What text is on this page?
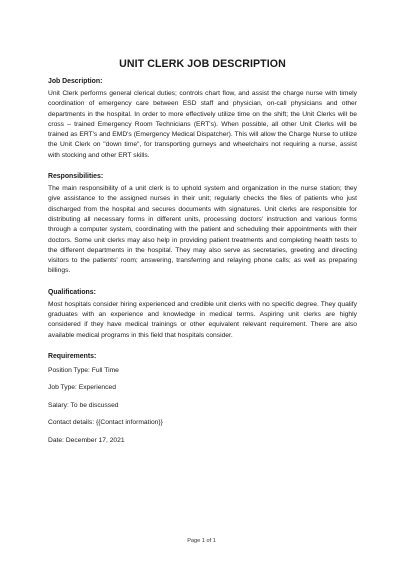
UNIT CLERK JOB DESCRIPTION

Job Description:

Unit Clerk performs general clerical duties; controls chart flow, and assist the charge nurse with timely coordination of emergency care between ESD staff and physician, on-call physicians and other departments in the hospital. In order to more effectively utilize time on the shift; the Unit Clerks will be cross – trained Emergency Room Technicians (ERT's). When possible, all other Unit Clerks will be trained as ERT's and EMD's (Emergency Medical Dispatcher). This will allow the Charge Nurse to utilize the Unit Clerk on "down time", for transporting gurneys and wheelchairs not requiring a nurse, assist with stocking and other ERT skills.

Responsibilities:

The main responsibility of a unit clerk is to uphold system and organization in the nurse station; they give assistance to the assigned nurses in their unit; regularly checks the files of patients who just discharged from the hospital and secures documents with signatures. Unit clerks are responsible for distributing all necessary forms in different units, processing doctors' instruction and various forms through a computer system, coordinating with the patient and scheduling their appointments with their doctors. Some unit clerks may also help in providing patient treatments and completing health tests to the different departments in the hospital. They may also serve as secretaries, greeting and directing visitors to the patients' room; answering, transferring and relaying phone calls; as well as preparing billings.

Qualifications:

Most hospitals consider hiring experienced and credible unit clerks with no specific degree. They qualify graduates with an experience and knowledge in medical terms. Aspiring unit clerks are highly considered if they have medical trainings or other equivalent relevant requirement. There are also available medical programs in this field that hospitals consider.

Requirements:

Position Type: Full Time

Job Type: Experienced

Salary: To be discussed

Contact details: {{Contact information}}

Date: December 17, 2021

Page 1 of 1
